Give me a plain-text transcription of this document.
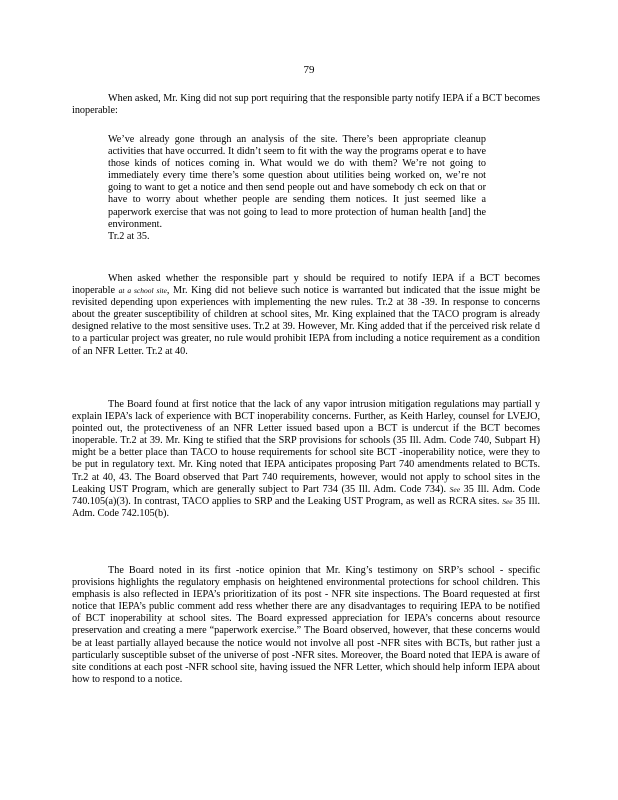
79

When asked, Mr. King did not sup port requiring that the responsible party notify IEPA if a BCT becomes inoperable:

We’ve already gone through an analysis of the site. There’s been appropriate cleanup activities that have occurred. It didn’t seem to fit with the way the programs operat e to have those kinds of notices coming in. What would we do with them? We’re not going to immediately every time there’s some question about utilities being worked on, we’re not going to want to get a notice and then send people out and have somebody ch eck on that or have to worry about whether people are sending them notices. It just seemed like a paperwork exercise that was not going to lead to more protection of human health [and] the environment.
Tr.2 at 35.

When asked whether the responsible part y should be required to notify IEPA if a BCT becomes inoperable at a school site, Mr. King did not believe such notice is warranted but indicated that the issue might be revisited depending upon experiences with implementing the new rules. Tr.2 at 38 -39. In response to concerns about the greater susceptibility of children at school sites, Mr. King explained that the TACO program is already designed relative to the most sensitive uses. Tr.2 at 39. However, Mr. King added that if the perceived risk relate d to a particular project was greater, no rule would prohibit IEPA from including a notice requirement as a condition of an NFR Letter. Tr.2 at 40.

The Board found at first notice that the lack of any vapor intrusion mitigation regulations may partiall y explain IEPA’s lack of experience with BCT inoperability concerns. Further, as Keith Harley, counsel for LVEJO, pointed out, the protectiveness of an NFR Letter issued based upon a BCT is undercut if the BCT becomes inoperable. Tr.2 at 39. Mr. King te stified that the SRP provisions for schools (35 Ill. Adm. Code 740, Subpart H) might be a better place than TACO to house requirements for school site BCT -inoperability notice, were they to be put in regulatory text. Mr. King noted that IEPA anticipates proposing Part 740 amendments related to BCTs. Tr.2 at 40, 43. The Board observed that Part 740 requirements, however, would not apply to school sites in the Leaking UST Program, which are generally subject to Part 734 (35 Ill. Adm. Code 734). See 35 Ill. Adm. Code 740.105(a)(3). In contrast, TACO applies to SRP and the Leaking UST Program, as well as RCRA sites. See 35 Ill. Adm. Code 742.105(b).

The Board noted in its first -notice opinion that Mr. King’s testimony on SRP’s school - specific provisions highlights the regulatory emphasis on heightened environmental protections for school children. This emphasis is also reflected in IEPA’s prioritization of its post - NFR site inspections. The Board requested at first notice that IEPA’s public comment add ress whether there are any disadvantages to requiring IEPA to be notified of BCT inoperability at school sites. The Board expressed appreciation for IEPA’s concerns about resource preservation and creating a mere “paperwork exercise.” The Board observed, however, that these concerns would be at least partially allayed because the notice would not involve all post -NFR sites with BCTs, but rather just a particularly susceptible subset of the universe of post -NFR sites. Moreover, the Board noted that IEPA is aware of site conditions at each post -NFR school site, having issued the NFR Letter, which should help inform IEPA about how to respond to a notice.
